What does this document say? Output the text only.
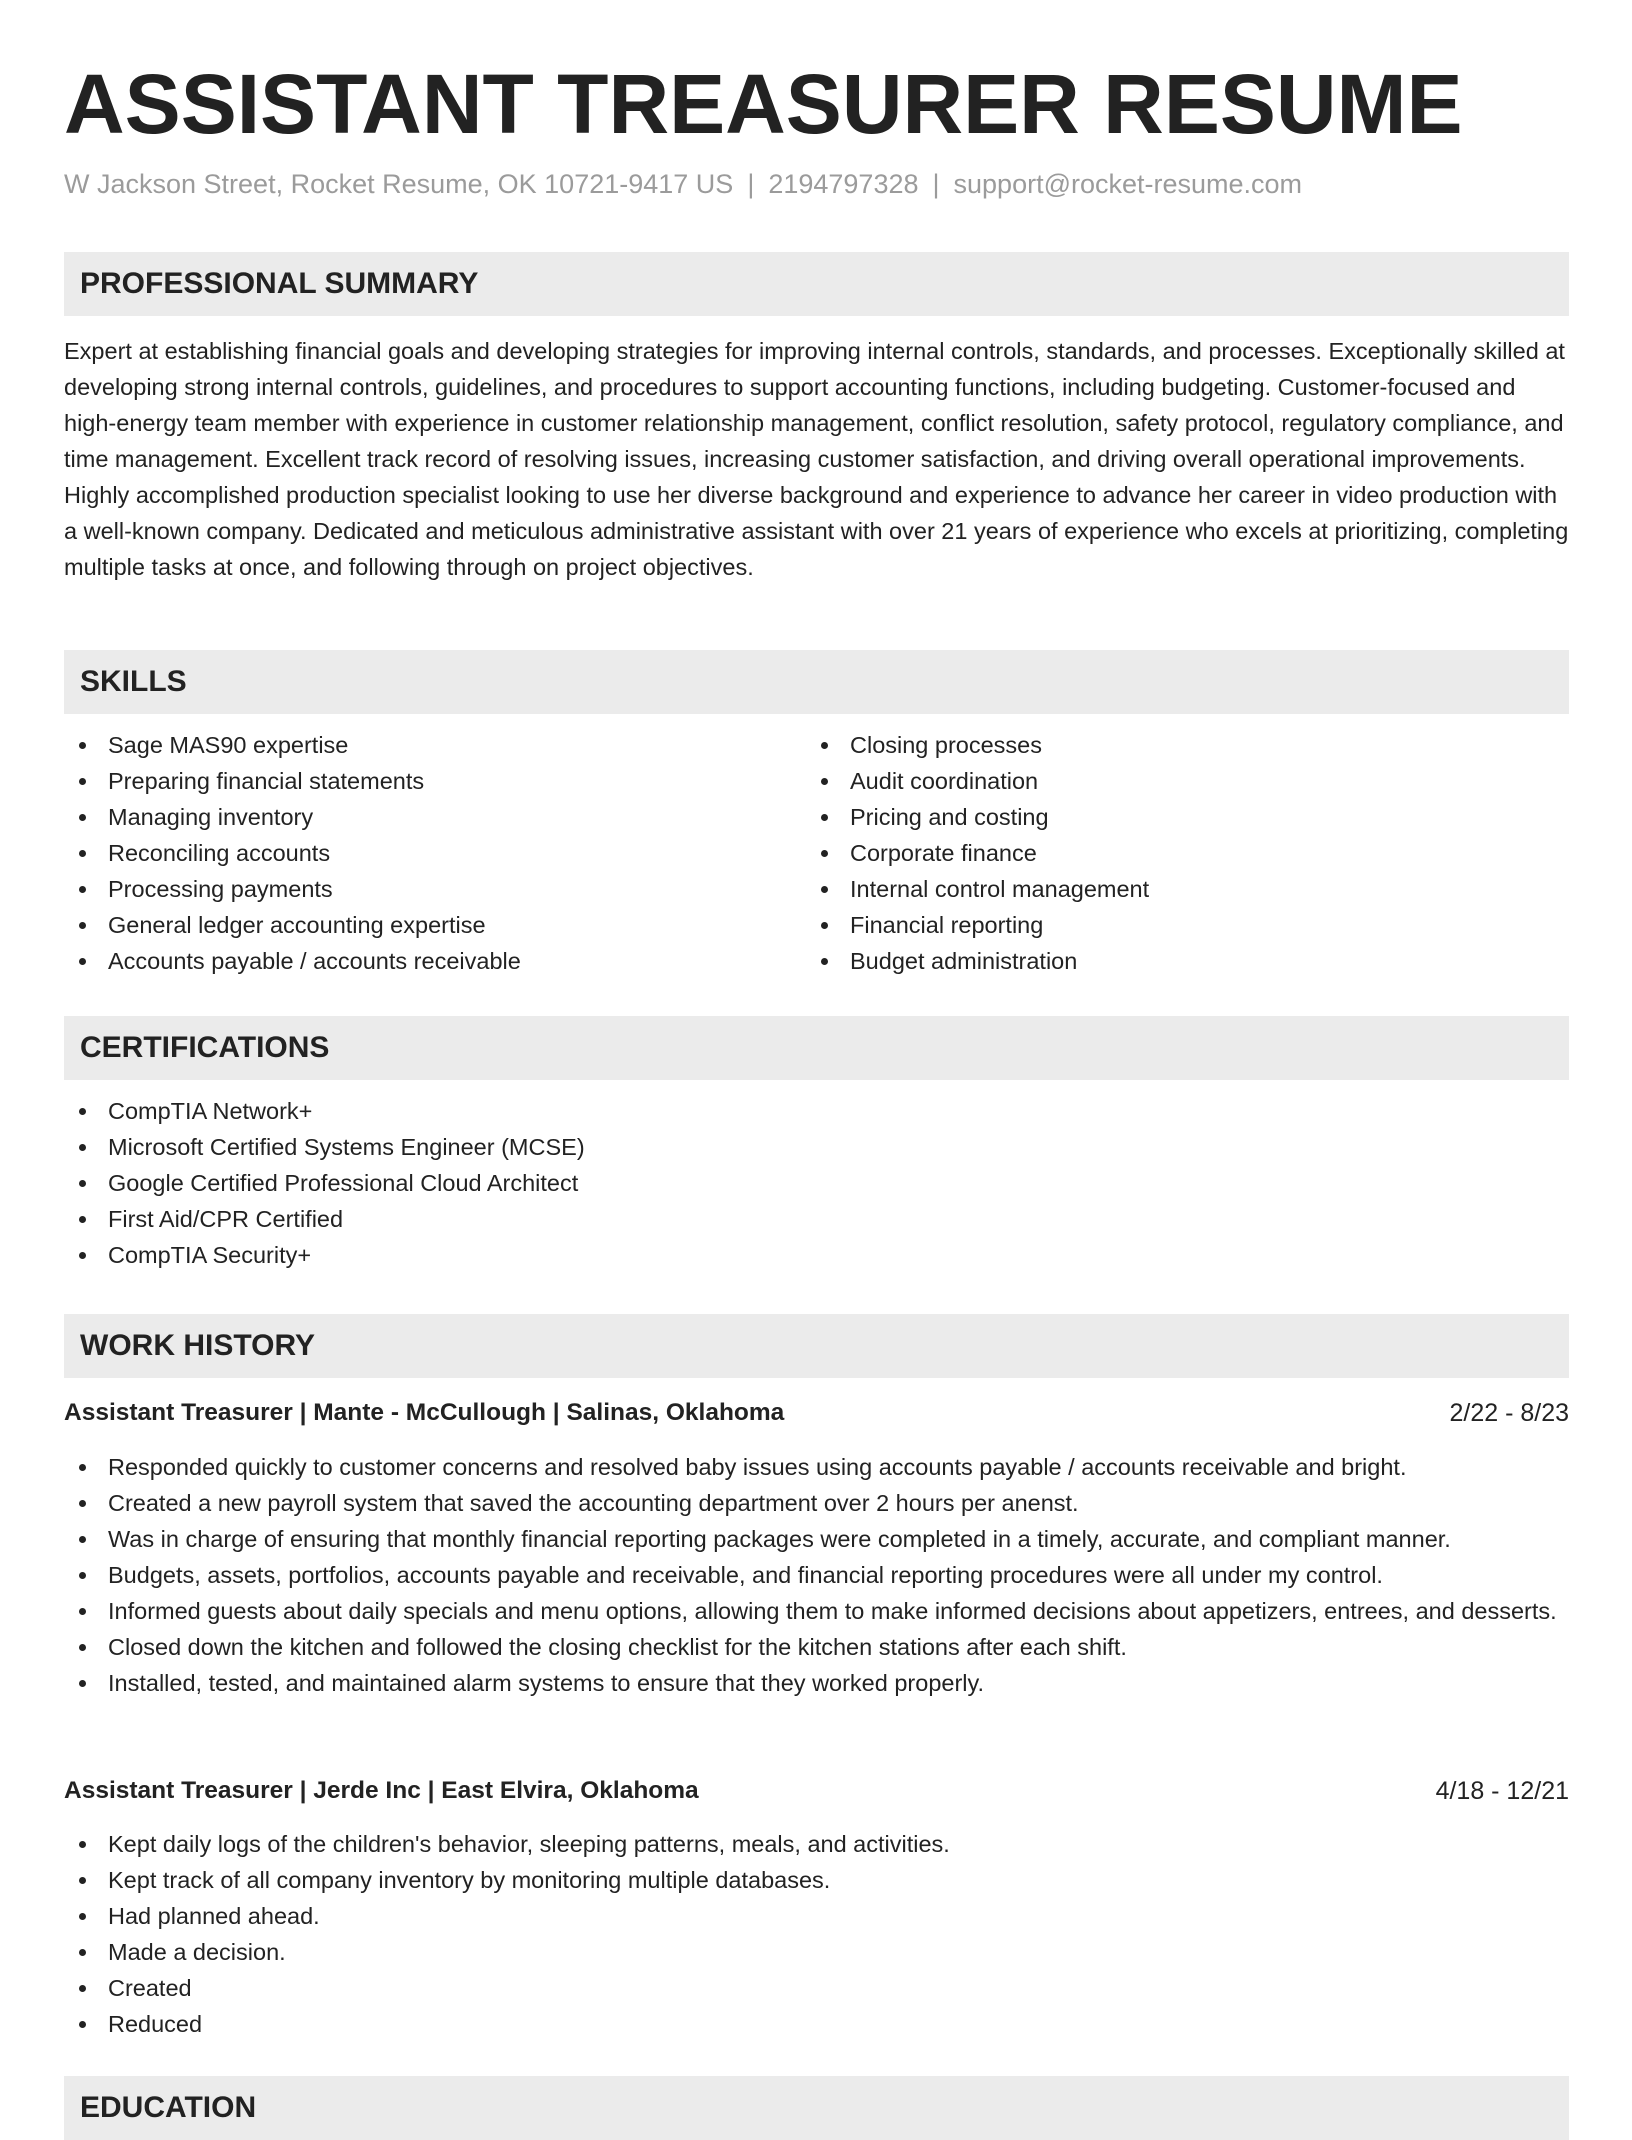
ASSISTANT TREASURER RESUME
W Jackson Street, Rocket Resume, OK 10721-9417 US | 2194797328 | support@rocket-resume.com
PROFESSIONAL SUMMARY

Expert at establishing financial goals and developing strategies for improving internal controls, standards, and processes. Exceptionally skilled at developing strong internal controls, guidelines, and procedures to support accounting functions, including budgeting. Customer-focused and high-energy team member with experience in customer relationship management, conflict resolution, safety protocol, regulatory compliance, and time management. Excellent track record of resolving issues, increasing customer satisfaction, and driving overall operational improvements. Highly accomplished production specialist looking to use her diverse background and experience to advance her career in video production with a well-known company. Dedicated and meticulous administrative assistant with over 21 years of experience who excels at prioritizing, completing multiple tasks at once, and following through on project objectives.

SKILLS
Sage MAS90 expertise
Preparing financial statements
Managing inventory
Reconciling accounts
Processing payments
General ledger accounting expertise
Accounts payable / accounts receivable
Closing processes
Audit coordination
Pricing and costing
Corporate finance
Internal control management
Financial reporting
Budget administration
CERTIFICATIONS
CompTIA Network+
Microsoft Certified Systems Engineer (MCSE)
Google Certified Professional Cloud Architect
First Aid/CPR Certified
CompTIA Security+
WORK HISTORY
Assistant Treasurer | Mante - McCullough | Salinas, Oklahoma	2/22 - 8/23
Responded quickly to customer concerns and resolved baby issues using accounts payable / accounts receivable and bright.
Created a new payroll system that saved the accounting department over 2 hours per anenst.
Was in charge of ensuring that monthly financial reporting packages were completed in a timely, accurate, and compliant manner.
Budgets, assets, portfolios, accounts payable and receivable, and financial reporting procedures were all under my control.
Informed guests about daily specials and menu options, allowing them to make informed decisions about appetizers, entrees, and desserts.
Closed down the kitchen and followed the closing checklist for the kitchen stations after each shift.
Installed, tested, and maintained alarm systems to ensure that they worked properly.
Assistant Treasurer | Jerde Inc | East Elvira, Oklahoma	4/18 - 12/21
Kept daily logs of the children's behavior, sleeping patterns, meals, and activities.
Kept track of all company inventory by monitoring multiple databases.
Had planned ahead.
Made a decision.
Created
Reduced
EDUCATION
